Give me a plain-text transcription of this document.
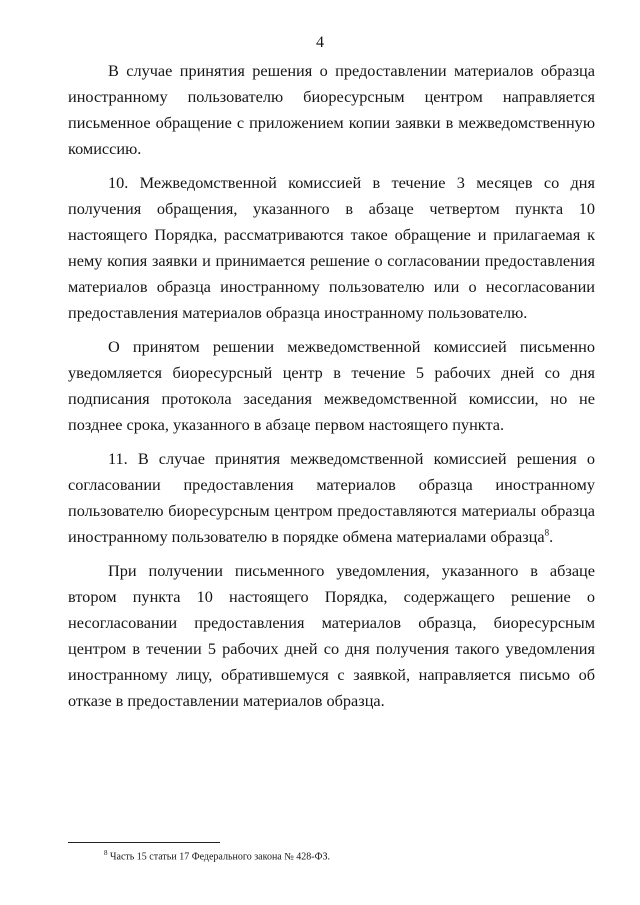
4

В случае принятия решения о предоставлении материалов образца иностранному пользователю биоресурсным центром направляется письменное обращение с приложением копии заявки в межведомственную комиссию.

10. Межведомственной комиссией в течение 3 месяцев со дня получения обращения, указанного в абзаце четвертом пункта 10 настоящего Порядка, рассматриваются такое обращение и прилагаемая к нему копия заявки и принимается решение о согласовании предоставления материалов образца иностранному пользователю или о несогласовании предоставления материалов образца иностранному пользователю.

О принятом решении межведомственной комиссией письменно уведомляется биоресурсный центр в течение 5 рабочих дней со дня подписания протокола заседания межведомственной комиссии, но не позднее срока, указанного в абзаце первом настоящего пункта.

11. В случае принятия межведомственной комиссией решения о согласовании предоставления материалов образца иностранному пользователю биоресурсным центром предоставляются материалы образца иностранному пользователю в порядке обмена материалами образца$^8$.

При получении письменного уведомления, указанного в абзаце втором пункта 10 настоящего Порядка, содержащего решение о несогласовании предоставления материалов образца, биоресурсным центром в течении 5 рабочих дней со дня получения такого уведомления иностранному лицу, обратившемуся с заявкой, направляется письмо об отказе в предоставлении материалов образца.

$^8$ Часть 15 статьи 17 Федерального закона № 428-ФЗ.
